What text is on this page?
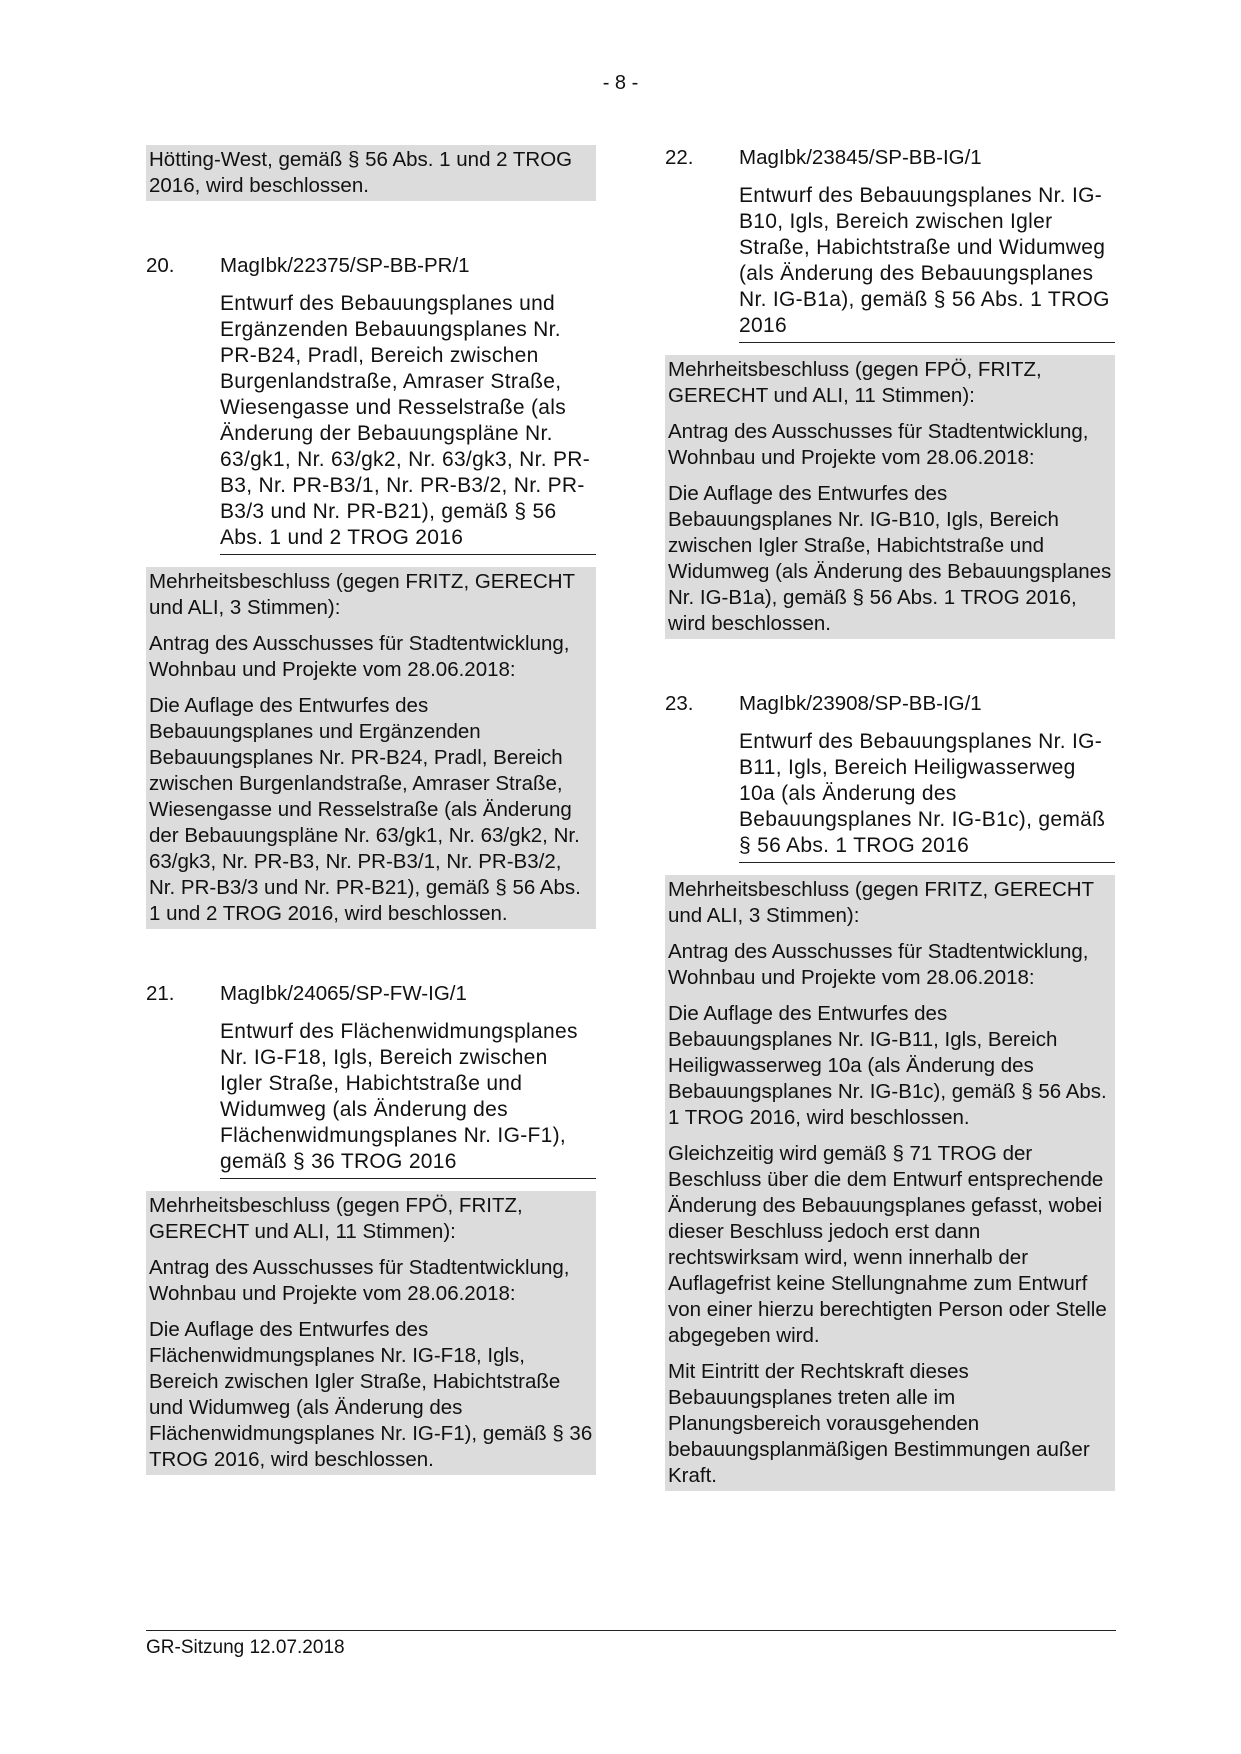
- 8 -

Hötting-West, gemäß § 56 Abs. 1 und 2 TROG 2016, wird beschlossen.

20.	MagIbk/22375/SP-BB-PR/1
Entwurf des Bebauungsplanes und Ergänzenden Bebauungsplanes Nr. PR-B24, Pradl, Bereich zwischen Burgenlandstraße, Amraser Straße, Wiesengasse und Resselstraße (als Änderung der Bebauungspläne Nr. 63/gk1, Nr. 63/gk2, Nr. 63/gk3, Nr. PR-B3, Nr. PR-B3/1, Nr. PR-B3/2, Nr. PR-B3/3 und Nr. PR-B21), gemäß § 56 Abs. 1 und 2 TROG 2016

Mehrheitsbeschluss (gegen FRITZ, GERECHT und ALI, 3 Stimmen):

Antrag des Ausschusses für Stadtentwicklung, Wohnbau und Projekte vom 28.06.2018:

Die Auflage des Entwurfes des Bebauungsplanes und Ergänzenden Bebauungsplanes Nr. PR-B24, Pradl, Bereich zwischen Burgenlandstraße, Amraser Straße, Wiesengasse und Resselstraße (als Änderung der Bebauungspläne Nr. 63/gk1, Nr. 63/gk2, Nr. 63/gk3, Nr. PR-B3, Nr. PR-B3/1, Nr. PR-B3/2, Nr. PR-B3/3 und Nr. PR-B21), gemäß § 56 Abs. 1 und 2 TROG 2016, wird beschlossen.

21.	MagIbk/24065/SP-FW-IG/1
Entwurf des Flächenwidmungsplanes Nr. IG-F18, Igls, Bereich zwischen Igler Straße, Habichtstraße und Widumweg (als Änderung des Flächenwidmungsplanes Nr. IG-F1), gemäß § 36 TROG 2016

Mehrheitsbeschluss (gegen FPÖ, FRITZ, GERECHT und ALI, 11 Stimmen):

Antrag des Ausschusses für Stadtentwicklung, Wohnbau und Projekte vom 28.06.2018:

Die Auflage des Entwurfes des Flächenwidmungsplanes Nr. IG-F18, Igls, Bereich zwischen Igler Straße, Habichtstraße und Widumweg (als Änderung des Flächenwidmungsplanes Nr. IG-F1), gemäß § 36 TROG 2016, wird beschlossen.

22.	MagIbk/23845/SP-BB-IG/1
Entwurf des Bebauungsplanes Nr. IG-B10, Igls, Bereich zwischen Igler Straße, Habichtstraße und Widumweg (als Änderung des Bebauungsplanes Nr. IG-B1a), gemäß § 56 Abs. 1 TROG 2016

Mehrheitsbeschluss (gegen FPÖ, FRITZ, GERECHT und ALI, 11 Stimmen):

Antrag des Ausschusses für Stadtentwicklung, Wohnbau und Projekte vom 28.06.2018:

Die Auflage des Entwurfes des Bebauungsplanes Nr. IG-B10, Igls, Bereich zwischen Igler Straße, Habichtstraße und Widumweg (als Änderung des Bebauungsplanes Nr. IG-B1a), gemäß § 56 Abs. 1 TROG 2016, wird beschlossen.

23.	MagIbk/23908/SP-BB-IG/1
Entwurf des Bebauungsplanes Nr. IG-B11, Igls, Bereich Heiligwasserweg 10a (als Änderung des Bebauungsplanes Nr. IG-B1c), gemäß § 56 Abs. 1 TROG 2016

Mehrheitsbeschluss (gegen FRITZ, GERECHT und ALI, 3 Stimmen):

Antrag des Ausschusses für Stadtentwicklung, Wohnbau und Projekte vom 28.06.2018:

Die Auflage des Entwurfes des Bebauungsplanes Nr. IG-B11, Igls, Bereich Heiligwasserweg 10a (als Änderung des Bebauungsplanes Nr. IG-B1c), gemäß § 56 Abs. 1 TROG 2016, wird beschlossen.

Gleichzeitig wird gemäß § 71 TROG der Beschluss über die dem Entwurf entsprechende Änderung des Bebauungsplanes gefasst, wobei dieser Beschluss jedoch erst dann rechtswirksam wird, wenn innerhalb der Auflagefrist keine Stellungnahme zum Entwurf von einer hierzu berechtigten Person oder Stelle abgegeben wird.

Mit Eintritt der Rechtskraft dieses Bebauungsplanes treten alle im Planungsbereich vorausgehenden bebauungsplanmäßigen Bestimmungen außer Kraft.

GR-Sitzung 12.07.2018
